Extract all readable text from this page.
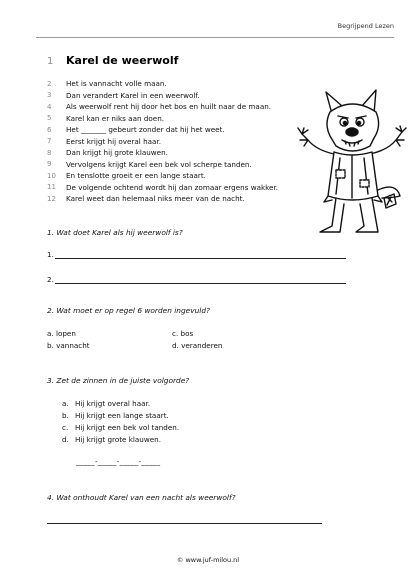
Begrijpend Lezen
1	Karel de weerwolf
2	Het is vannacht volle maan.
3	Dan verandert Karel in een weerwolf.
4	Als weerwolf rent hij door het bos en huilt naar de maan.
5	Karel kan er niks aan doen.
6	Het _______ gebeurt zonder dat hij het weet.
7	Eerst krijgt hij overal haar.
8	Dan krijgt hij grote klauwen.
9	Vervolgens krijgt Karel een bek vol scherpe tanden.
10	En tenslotte groeit er een lange staart.
11	De volgende ochtend wordt hij dan zomaar ergens wakker.
12	Karel weet dan helemaal niks meer van de nacht.
1. Wat doet Karel als hij weerwolf is?
1.
2.
2. Wat moet er op regel 6 worden ingevuld?
a. lopen	c. bos
b. vannacht	d. veranderen
3. Zet de zinnen in de juiste volgorde?
a. Hij krijgt overal haar.
b. Hij krijgt een lange staart.
c. Hij krijgt een bek vol tanden.
d. Hij krijgt grote klauwen.
_____-_____-_____-_____
4. Wat onthoudt Karel van een nacht als weerwolf?
© www.juf-milou.nl
